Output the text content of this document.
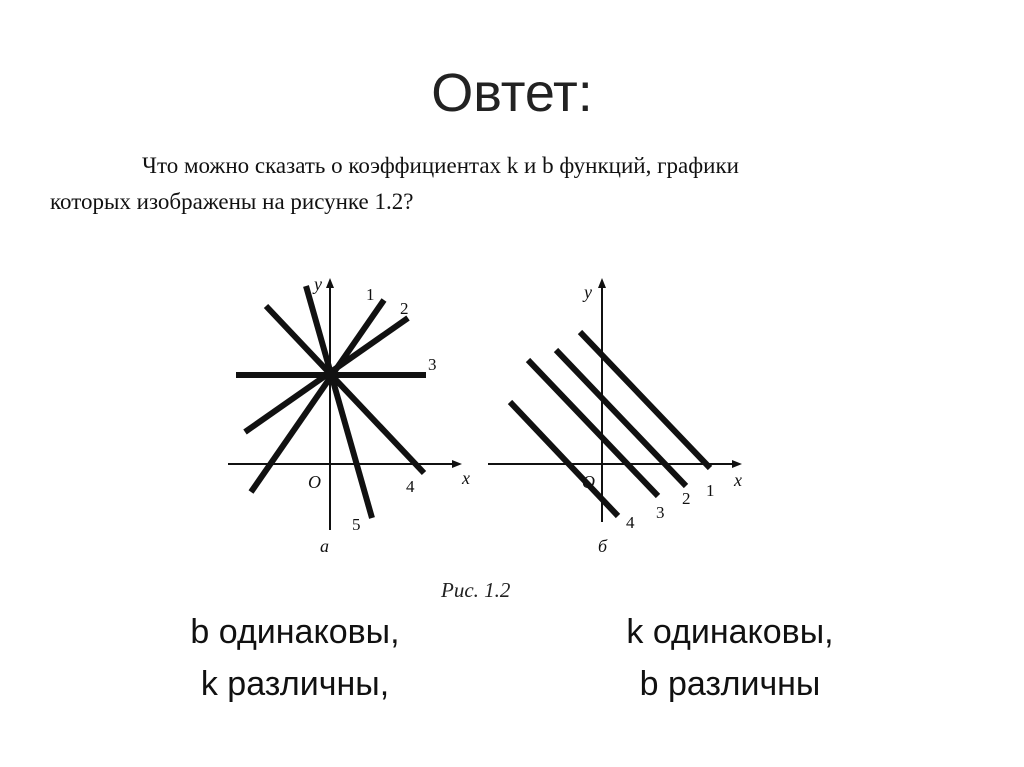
Овтет:
Что можно сказать о коэффициентах k и b функций, графики
которых изображены на рисунке 1.2?
y
x
O
1
2
3
4
5
а
y
x
O	1
2
3
4
б
Рис. 1.2
b одинаковы,
k различны,
k одинаковы,
b различны
